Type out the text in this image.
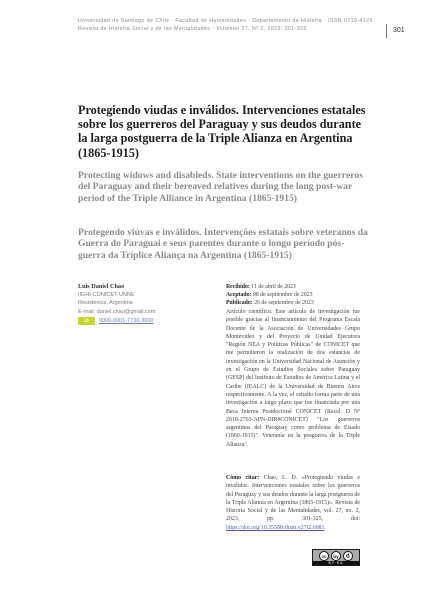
Universidad de Santiago de Chile · Facultad de Humanidades · Departamento de Historia · ISSN 0719-4129
Revista de Historia Social y de las Mentalidades · Volumen 27, Nº 2, 2023: 301-325	301
Protegiendo viudas e inválidos. Intervenciones estatales sobre los guerreros del Paraguay y sus deudos durante la larga postguerra de la Triple Alianza en Argentina (1865-1915)
Protecting widows and disableds. State interventions on the guerreros del Paraguay and their bereaved relatives during the long post-war period of the Triple Alliance in Argentina (1865-1915)
Protegendo viúvas e inválidos. Intervenções estatais sobre veteranos da Guerra do Paraguai e seus parentes durante o longo período pós-guerra da Tríplice Aliança na Argentina (1865-1915)
Luis Daniel Chao
IIGHI-CONICET-UNNE
Resistencia, Argentina
E-mail: daniel.chao@gmail.com
iD	0000-0001-7730-3600
Recibido: 11 de abril de 2023
Aceptado: 08 de septiembre de 2023
Publicado: 26 de septiembre de 2023

Artículo científico. Este artículo de investigación fue posible gracias al financiamiento del Programa Escala Docente de la Asociación de Universidades Grupo Montevideo y del Proyecto de Unidad Ejecutora "Región NEA y Políticas Públicas" de CONICET que me permitieron la realización de dos estancias de investigación en la Universidad Nacional de Asunción y en el Grupo de Estudios Sociales sobre Paraguay (GESP) del Instituto de Estudios de América Latina y el Caribe (IEALC) de la Universidad de Buenos Aires respectivamente. A la vez, el estudio forma parte de una investigación a largo plazo que fue financiada por una Beca Interna Postdoctoral CONICET (Resol. D Nº 2018-2703-APN-DIR#CONICET) "Los guerreros argentinos del Paraguay como problema de Estado (1860-1915)". Veteranía en la posguerra de la Triple Alianza".

Cómo citar: Chao, L. D. «Protegiendo viudas e inválidos. Intervenciones estatales sobre los guerreros del Paraguay y sus deudos durante la larga postguerra de la Triple Alianza en Argentina (1865-1915)». Revista de Historia Social y de las Mentalidades, vol. 27, no. 2, 2023, pp. 301-325,	doi: https://doi.org/10.35588/rhsm.v27i2.6081.

cc	by
BY SA
